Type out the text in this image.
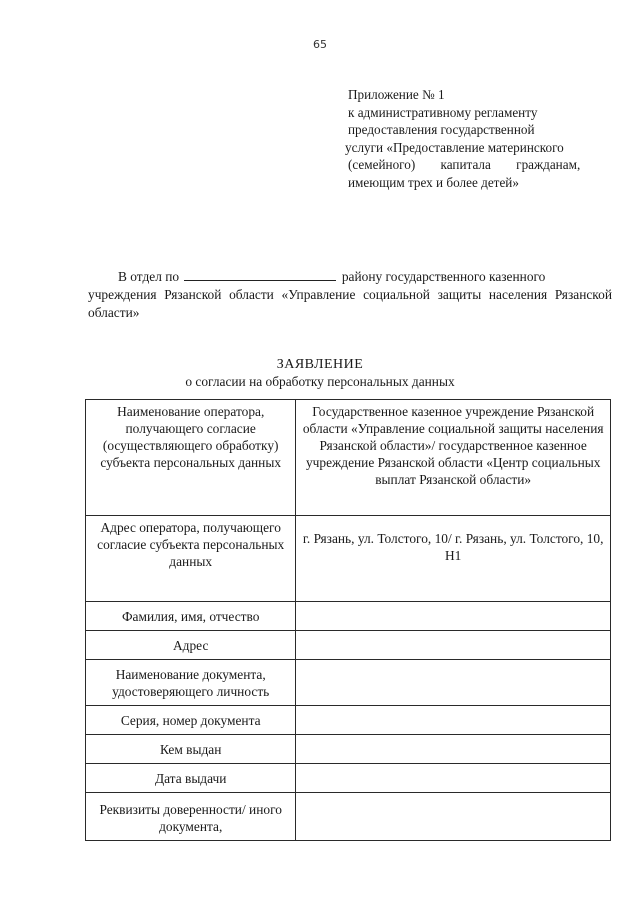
65
Приложение № 1
к административному регламенту
предоставления государственной
услуги «Предоставление материнского
(семейного) капитала гражданам,
имеющим трех и более детей»
В отдел по	району государственного казенного
учреждения Рязанской области «Управление социальной защиты населения Рязанской области»
ЗАЯВЛЕНИЕ
о согласии на обработку персональных данных
Наименование оператора, получающего согласие (осуществляющего обработку) субъекта персональных данных	Государственное казенное учреждение Рязанской области «Управление социальной защиты населения Рязанской области»/ государственное казенное учреждение Рязанской области «Центр социальных выплат Рязанской области»
Адрес оператора, получающего согласие субъекта персональных данных	г. Рязань, ул. Толстого, 10/ г. Рязань, ул. Толстого, 10, Н1
Фамилия, имя, отчество	
Адрес	
Наименование документа, удостоверяющего личность	
Серия, номер документа	
Кем выдан	
Дата выдачи	
Реквизиты доверенности/ иного документа,	
